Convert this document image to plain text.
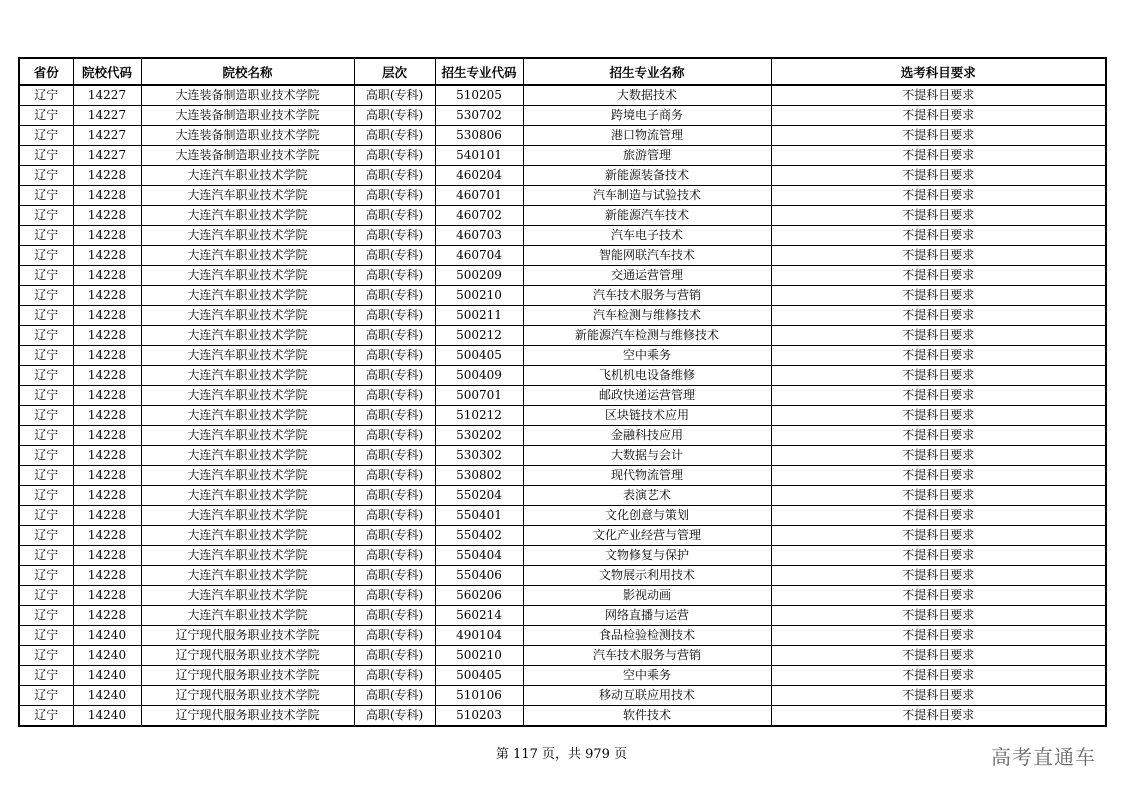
省份	院校代码	院校名称	层次	招生专业代码	招生专业名称	选考科目要求
辽宁	14227	大连装备制造职业技术学院	高职(专科)	510205	大数据技术	不提科目要求
辽宁	14227	大连装备制造职业技术学院	高职(专科)	530702	跨境电子商务	不提科目要求
辽宁	14227	大连装备制造职业技术学院	高职(专科)	530806	港口物流管理	不提科目要求
辽宁	14227	大连装备制造职业技术学院	高职(专科)	540101	旅游管理	不提科目要求
辽宁	14228	大连汽车职业技术学院	高职(专科)	460204	新能源装备技术	不提科目要求
辽宁	14228	大连汽车职业技术学院	高职(专科)	460701	汽车制造与试验技术	不提科目要求
辽宁	14228	大连汽车职业技术学院	高职(专科)	460702	新能源汽车技术	不提科目要求
辽宁	14228	大连汽车职业技术学院	高职(专科)	460703	汽车电子技术	不提科目要求
辽宁	14228	大连汽车职业技术学院	高职(专科)	460704	智能网联汽车技术	不提科目要求
辽宁	14228	大连汽车职业技术学院	高职(专科)	500209	交通运营管理	不提科目要求
辽宁	14228	大连汽车职业技术学院	高职(专科)	500210	汽车技术服务与营销	不提科目要求
辽宁	14228	大连汽车职业技术学院	高职(专科)	500211	汽车检测与维修技术	不提科目要求
辽宁	14228	大连汽车职业技术学院	高职(专科)	500212	新能源汽车检测与维修技术	不提科目要求
辽宁	14228	大连汽车职业技术学院	高职(专科)	500405	空中乘务	不提科目要求
辽宁	14228	大连汽车职业技术学院	高职(专科)	500409	飞机机电设备维修	不提科目要求
辽宁	14228	大连汽车职业技术学院	高职(专科)	500701	邮政快递运营管理	不提科目要求
辽宁	14228	大连汽车职业技术学院	高职(专科)	510212	区块链技术应用	不提科目要求
辽宁	14228	大连汽车职业技术学院	高职(专科)	530202	金融科技应用	不提科目要求
辽宁	14228	大连汽车职业技术学院	高职(专科)	530302	大数据与会计	不提科目要求
辽宁	14228	大连汽车职业技术学院	高职(专科)	530802	现代物流管理	不提科目要求
辽宁	14228	大连汽车职业技术学院	高职(专科)	550204	表演艺术	不提科目要求
辽宁	14228	大连汽车职业技术学院	高职(专科)	550401	文化创意与策划	不提科目要求
辽宁	14228	大连汽车职业技术学院	高职(专科)	550402	文化产业经营与管理	不提科目要求
辽宁	14228	大连汽车职业技术学院	高职(专科)	550404	文物修复与保护	不提科目要求
辽宁	14228	大连汽车职业技术学院	高职(专科)	550406	文物展示利用技术	不提科目要求
辽宁	14228	大连汽车职业技术学院	高职(专科)	560206	影视动画	不提科目要求
辽宁	14228	大连汽车职业技术学院	高职(专科)	560214	网络直播与运营	不提科目要求
辽宁	14240	辽宁现代服务职业技术学院	高职(专科)	490104	食品检验检测技术	不提科目要求
辽宁	14240	辽宁现代服务职业技术学院	高职(专科)	500210	汽车技术服务与营销	不提科目要求
辽宁	14240	辽宁现代服务职业技术学院	高职(专科)	500405	空中乘务	不提科目要求
辽宁	14240	辽宁现代服务职业技术学院	高职(专科)	510106	移动互联应用技术	不提科目要求
辽宁	14240	辽宁现代服务职业技术学院	高职(专科)	510203	软件技术	不提科目要求
第 117 页，共 979 页	高考直通车
